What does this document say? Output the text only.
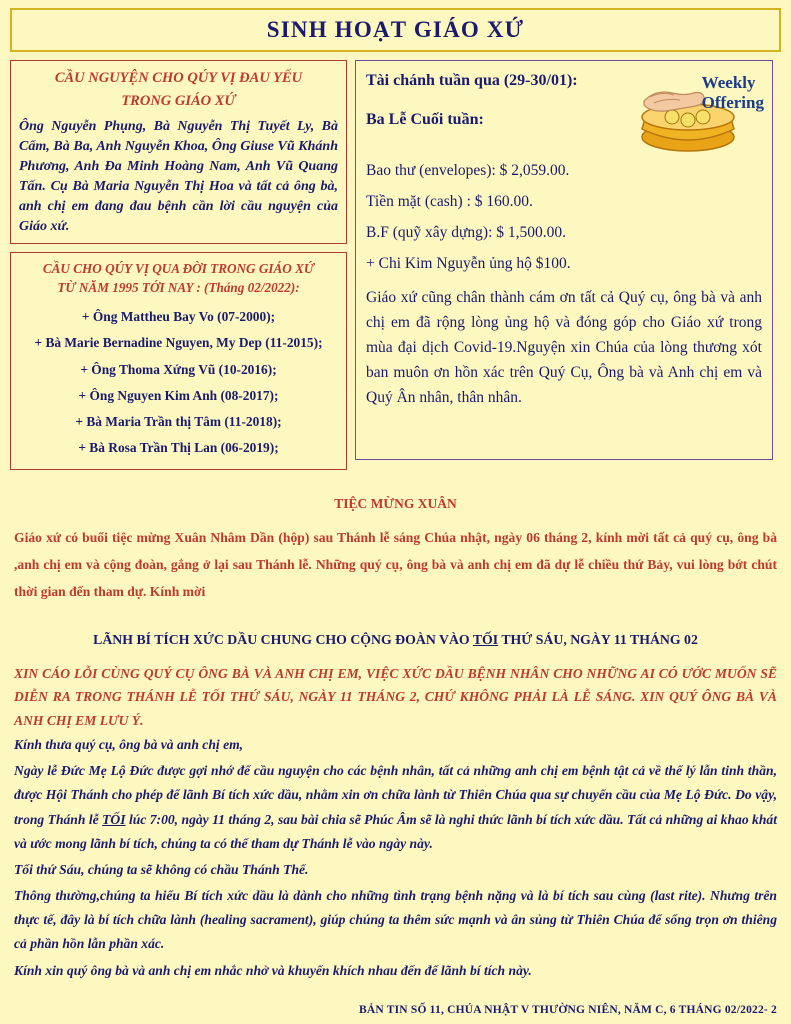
SINH HOẠT GIÁO XỨ
CẦU NGUYỆN CHO QÚY VỊ ĐAU YẾU
TRONG GIÁO XỨ
Ông Nguyễn Phụng, Bà Nguyễn Thị Tuyết Ly, Bà Cẩm, Bà Ba, Anh Nguyễn Khoa, Ông Giuse Vũ Khánh Phương, Anh Đa Minh Hoàng Nam, Anh Vũ Quang Tấn. Cụ Bà Maria Nguyễn Thị Hoa và tất cả ông bà, anh chị em đang đau bệnh cần lời cầu nguyện của Giáo xứ.
CẦU CHO QÚY VỊ QUA ĐỜI TRONG GIÁO XỨ
TỪ NĂM 1995 TỚI NAY : (Tháng 02/2022):
+ Ông Mattheu Bay Vo (07-2000);
+ Bà Marie Bernadine Nguyen, My Dep (11-2015);
+ Ông Thoma Xứng Vũ (10-2016);
+ Ông Nguyen Kim Anh (08-2017);
+ Bà Maria Trần thị Tâm (11-2018);
+ Bà Rosa Trần Thị Lan (06-2019);
Weekly
Offering
Tài chánh tuần qua (29-30/01):
Ba Lễ Cuối tuần:
Bao thư (envelopes): $ 2,059.00.
Tiền mặt (cash) : $ 160.00.
B.F (quỹ xây dựng): $ 1,500.00.
+ Chi Kim Nguyễn ủng hộ $100.
Giáo xứ cũng chân thành cám ơn tất cả Quý cụ, ông bà và anh chị em đã rộng lòng ủng hộ và đóng góp cho Giáo xứ trong mùa đại dịch Covid-19.Nguyện xin Chúa của lòng thương xót ban muôn ơn hồn xác trên Quý Cụ, Ông bà và Anh chị em và Quý Ân nhân, thân nhân.
TIỆC MỪNG XUÂN
Giáo xứ có buổi tiệc mừng Xuân Nhâm Dần (hộp) sau Thánh lễ sáng Chúa nhật, ngày 06 tháng 2, kính mời tất cả quý cụ, ông bà ,anh chị em và cộng đoàn, gắng ở lại sau Thánh lễ. Những quý cụ, ông bà và anh chị em đã dự lễ chiều thứ Bảy, vui lòng bớt chút thời gian đến tham dự. Kính mời
LÃNH BÍ TÍCH XỨC DẦU CHUNG CHO CỘNG ĐOÀN VÀO TỐI THỨ SÁU, NGÀY 11 THÁNG 02
XIN CÁO LỖI CÙNG QUÝ CỤ ÔNG BÀ VÀ ANH CHỊ EM, VIỆC XỨC DẦU BỆNH NHÂN CHO NHỮNG AI CÓ ƯỚC MUỐN SẼ DIỄN RA TRONG THÁNH LỄ TỐI THỨ SÁU, NGÀY 11 THÁNG 2, CHỨ KHÔNG PHẢI LÀ LỄ SÁNG. XIN QUÝ ÔNG BÀ VÀ ANH CHỊ EM LƯU Ý.

Kính thưa quý cụ, ông bà và anh chị em,

Ngày lễ Đức Mẹ Lộ Đức được gợi nhớ để cầu nguyện cho các bệnh nhân, tất cả những anh chị em bệnh tật cả về thể lý lẫn tinh thần, được Hội Thánh cho phép để lãnh Bí tích xức dầu, nhằm xin ơn chữa lành từ Thiên Chúa qua sự chuyển cầu của Mẹ Lộ Đức. Do vậy, trong Thánh lễ TỐI lúc 7:00, ngày 11 tháng 2, sau bài chia sẽ Phúc Âm sẽ là nghi thức lãnh bí tích xức dầu. Tất cả những ai khao khát và ước mong lãnh bí tích, chúng ta có thể tham dự Thánh lễ vào ngày này.

Tối thứ Sáu, chúng ta sẽ không có chầu Thánh Thể.

Thông thường,chúng ta hiểu Bí tích xức dầu là dành cho những tình trạng bệnh nặng và là bí tích sau cùng (last rite). Nhưng trên thực tế, đây là bí tích chữa lành (healing sacrament), giúp chúng ta thêm sức mạnh và ân sủng từ Thiên Chúa để sống trọn ơn thiêng cả phần hồn lẫn phần xác.

Kính xin quý ông bà và anh chị em nhắc nhở và khuyến khích nhau đến để lãnh bí tích này.

BẢN TIN SỐ 11, CHÚA NHẬT V THƯỜNG NIÊN, NĂM C, 6 THÁNG 02/2022- 2
